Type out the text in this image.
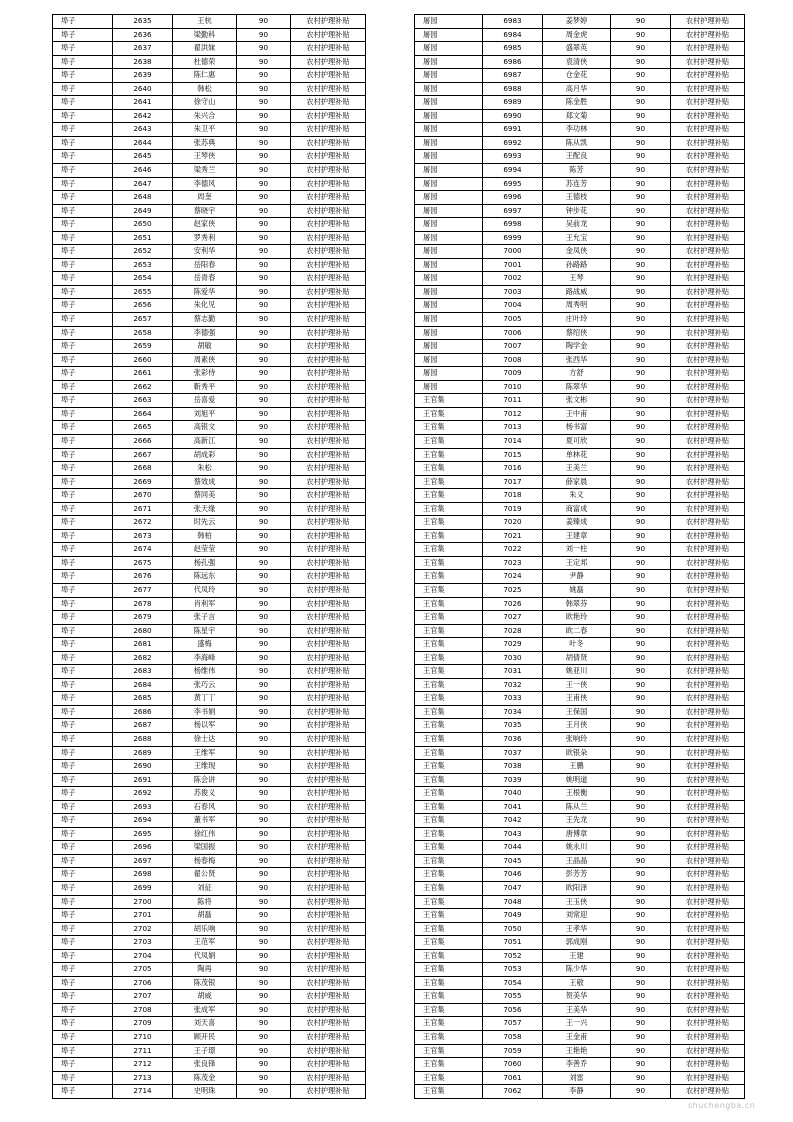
埠子	2635	王杭	90	农村护理补贴
埠子	2636	梁勤科	90	农村护理补贴
埠子	2637	翟洪妹	90	农村护理补贴
埠子	2638	杜德荣	90	农村护理补贴
埠子	2639	陈仁惠	90	农村护理补贴
埠子	2640	韩松	90	农村护理补贴
埠子	2641	徐守山	90	农村护理补贴
埠子	2642	朱兴合	90	农村护理补贴
埠子	2643	朱卫平	90	农村护理补贴
埠子	2644	张苏典	90	农村护理补贴
埠子	2645	王琴侠	90	农村护理补贴
埠子	2646	梁秀兰	90	农村护理补贴
埠子	2647	李德风	90	农村护理补贴
埠子	2648	周奎	90	农村护理补贴
埠子	2649	蔡晓宇	90	农村护理补贴
埠子	2650	赵家侠	90	农村护理补贴
埠子	2651	罗秀利	90	农村护理补贴
埠子	2652	安利华	90	农村护理补贴
埠子	2653	岳阳春	90	农村护理补贴
埠子	2654	岳青春	90	农村护理补贴
埠子	2655	陈爱华	90	农村护理补贴
埠子	2656	朱化见	90	农村护理补贴
埠子	2657	蔡志勤	90	农村护理补贴
埠子	2658	李德强	90	农村护理补贴
埠子	2659	胡敏	90	农村护理补贴
埠子	2660	周素侠	90	农村护理补贴
埠子	2661	张彩侍	90	农村护理补贴
埠子	2662	靳秀平	90	农村护理补贴
埠子	2663	岳喜爱	90	农村护理补贴
埠子	2664	刘旭平	90	农村护理补贴
埠子	2665	高银文	90	农村护理补贴
埠子	2666	高新江	90	农村护理补贴
埠子	2667	胡成彩	90	农村护理补贴
埠子	2668	朱松	90	农村护理补贴
埠子	2669	蔡效成	90	农村护理补贴
埠子	2670	蔡同美	90	农村护理补贴
埠子	2671	张天缘	90	农村护理补贴
埠子	2672	时先云	90	农村护理补贴
埠子	2673	韩柏	90	农村护理补贴
埠子	2674	赵莹莹	90	农村护理补贴
埠子	2675	杨孔强	90	农村护理补贴
埠子	2676	陈远东	90	农村护理补贴
埠子	2677	代凤玲	90	农村护理补贴
埠子	2678	肖利军	90	农村护理补贴
埠子	2679	张子言	90	农村护理补贴
埠子	2680	陈星宇	90	农村护理补贴
埠子	2681	盛梅	90	农村护理补贴
埠子	2682	李海峰	90	农村护理补贴
埠子	2683	杨维伟	90	农村护理补贴
埠子	2684	张巧云	90	农村护理补贴
埠子	2685	黄丁丁	90	农村护理补贴
埠子	2686	李书娟	90	农村护理补贴
埠子	2687	杨以军	90	农村护理补贴
埠子	2688	徐士达	90	农村护理补贴
埠子	2689	王维军	90	农村护理补贴
埠子	2690	王维现	90	农村护理补贴
埠子	2691	陈会讲	90	农村护理补贴
埠子	2692	苏俊义	90	农村护理补贴
埠子	2693	石春风	90	农村护理补贴
埠子	2694	董书军	90	农村护理补贴
埠子	2695	徐红伟	90	农村护理补贴
埠子	2696	梁国振	90	农村护理补贴
埠子	2697	杨春梅	90	农村护理补贴
埠子	2698	翟公贤	90	农村护理补贴
埠子	2699	刘征	90	农村护理补贴
埠子	2700	陈将	90	农村护理补贴
埠子	2701	胡磊	90	农村护理补贴
埠子	2702	胡乐响	90	农村护理补贴
埠子	2703	王范军	90	农村护理补贴
埠子	2704	代凤娟	90	农村护理补贴
埠子	2705	陶再	90	农村护理补贴
埠子	2706	陈茂银	90	农村护理补贴
埠子	2707	胡威	90	农村护理补贴
埠子	2708	张成军	90	农村护理补贴
埠子	2709	刘天喜	90	农村护理补贴
埠子	2710	顾开民	90	农村护理补贴
埠子	2711	王子璟	90	农村护理补贴
埠子	2712	张良锋	90	农村护理补贴
埠子	2713	陈茂金	90	农村护理补贴
埠子	2714	史明珠	90	农村护理补贴
屠园	6983	姜梦婷	90	农村护理补贴
屠园	6984	周金虎	90	农村护理补贴
屠园	6985	盛翠英	90	农村护理补贴
屠园	6986	袁清侠	90	农村护理补贴
屠园	6987	仓金花	90	农村护理补贴
屠园	6988	高月华	90	农村护理补贴
屠园	6989	陈金胜	90	农村护理补贴
屠园	6990	郑文菊	90	农村护理补贴
屠园	6991	李功林	90	农村护理补贴
屠园	6992	陈从凯	90	农村护理补贴
屠园	6993	王配良	90	农村护理补贴
屠园	6994	陈芳	90	农村护理补贴
屠园	6995	苏连芳	90	农村护理补贴
屠园	6996	王德枝	90	农村护理补贴
屠园	6997	钟步花	90	农村护理补贴
屠园	6998	吴前龙	90	农村护理补贴
屠园	6999	王允宝	90	农村护理补贴
屠园	7000	金凤侠	90	农村护理补贴
屠园	7001	孙路路	90	农村护理补贴
屠园	7002	王琴	90	农村护理补贴
屠园	7003	路战威	90	农村护理补贴
屠园	7004	周秀明	90	农村护理补贴
屠园	7005	庄叶玲	90	农村护理补贴
屠园	7006	蔡绍侠	90	农村护理补贴
屠园	7007	陶学金	90	农村护理补贴
屠园	7008	张西华	90	农村护理补贴
屠园	7009	方舒	90	农村护理补贴
屠园	7010	陈翠华	90	农村护理补贴
王官集	7011	张文彬	90	农村护理补贴
王官集	7012	王中甫	90	农村护理补贴
王官集	7013	杨书富	90	农村护理补贴
王官集	7014	夏可欣	90	农村护理补贴
王官集	7015	单林花	90	农村护理补贴
王官集	7016	王美兰	90	农村护理补贴
王官集	7017	薛家晨	90	农村护理补贴
王官集	7018	朱义	90	农村护理补贴
王官集	7019	商富成	90	农村护理补贴
王官集	7020	姜臻成	90	农村护理补贴
王官集	7021	王建章	90	农村护理补贴
王官集	7022	刘一柱	90	农村护理补贴
王官集	7023	王定邦	90	农村护理补贴
王官集	7024	尹静	90	农村护理补贴
王官集	7025	姚磊	90	农村护理补贴
王官集	7026	韩翠芬	90	农村护理补贴
王官集	7027	欧艳玲	90	农村护理补贴
王官集	7028	欧二春	90	农村护理补贴
王官集	7029	叶冬	90	农村护理补贴
王官集	7030	胡倩贤	90	农村护理补贴
王官集	7031	姚亚川	90	农村护理补贴
王官集	7032	王一侠	90	农村护理补贴
王官集	7033	王甫侠	90	农村护理补贴
王官集	7034	王保国	90	农村护理补贴
王官集	7035	王月侠	90	农村护理补贴
王官集	7036	张响玲	90	农村护理补贴
王官集	7037	欧银朵	90	农村护理补贴
王官集	7038	王鹏	90	农村护理补贴
王官集	7039	姚明道	90	农村护理补贴
王官集	7040	王根衡	90	农村护理补贴
王官集	7041	陈从兰	90	农村护理补贴
王官集	7042	王先龙	90	农村护理补贴
王官集	7043	唐傅章	90	农村护理补贴
王官集	7044	姚永川	90	农村护理补贴
王官集	7045	王晶晶	90	农村护理补贴
王官集	7046	彭芳芳	90	农村护理补贴
王官集	7047	欧阳泽	90	农村护理补贴
王官集	7048	王玉侠	90	农村护理补贴
王官集	7049	刘常迎	90	农村护理补贴
王官集	7050	王孝华	90	农村护理补贴
王官集	7051	郭成刚	90	农村护理补贴
王官集	7052	王建	90	农村护理补贴
王官集	7053	陈少华	90	农村护理补贴
王官集	7054	王敬	90	农村护理补贴
王官集	7055	贺美华	90	农村护理补贴
王官集	7056	王美华	90	农村护理补贴
王官集	7057	王一兴	90	农村护理补贴
王官集	7058	王金甫	90	农村护理补贴
王官集	7059	王艳艳	90	农村护理补贴
王官集	7060	李善乔	90	农村护理补贴
王官集	7061	刘雷	90	农村护理补贴
王官集	7062	李静	90	农村护理补贴
shuchengba.cn
